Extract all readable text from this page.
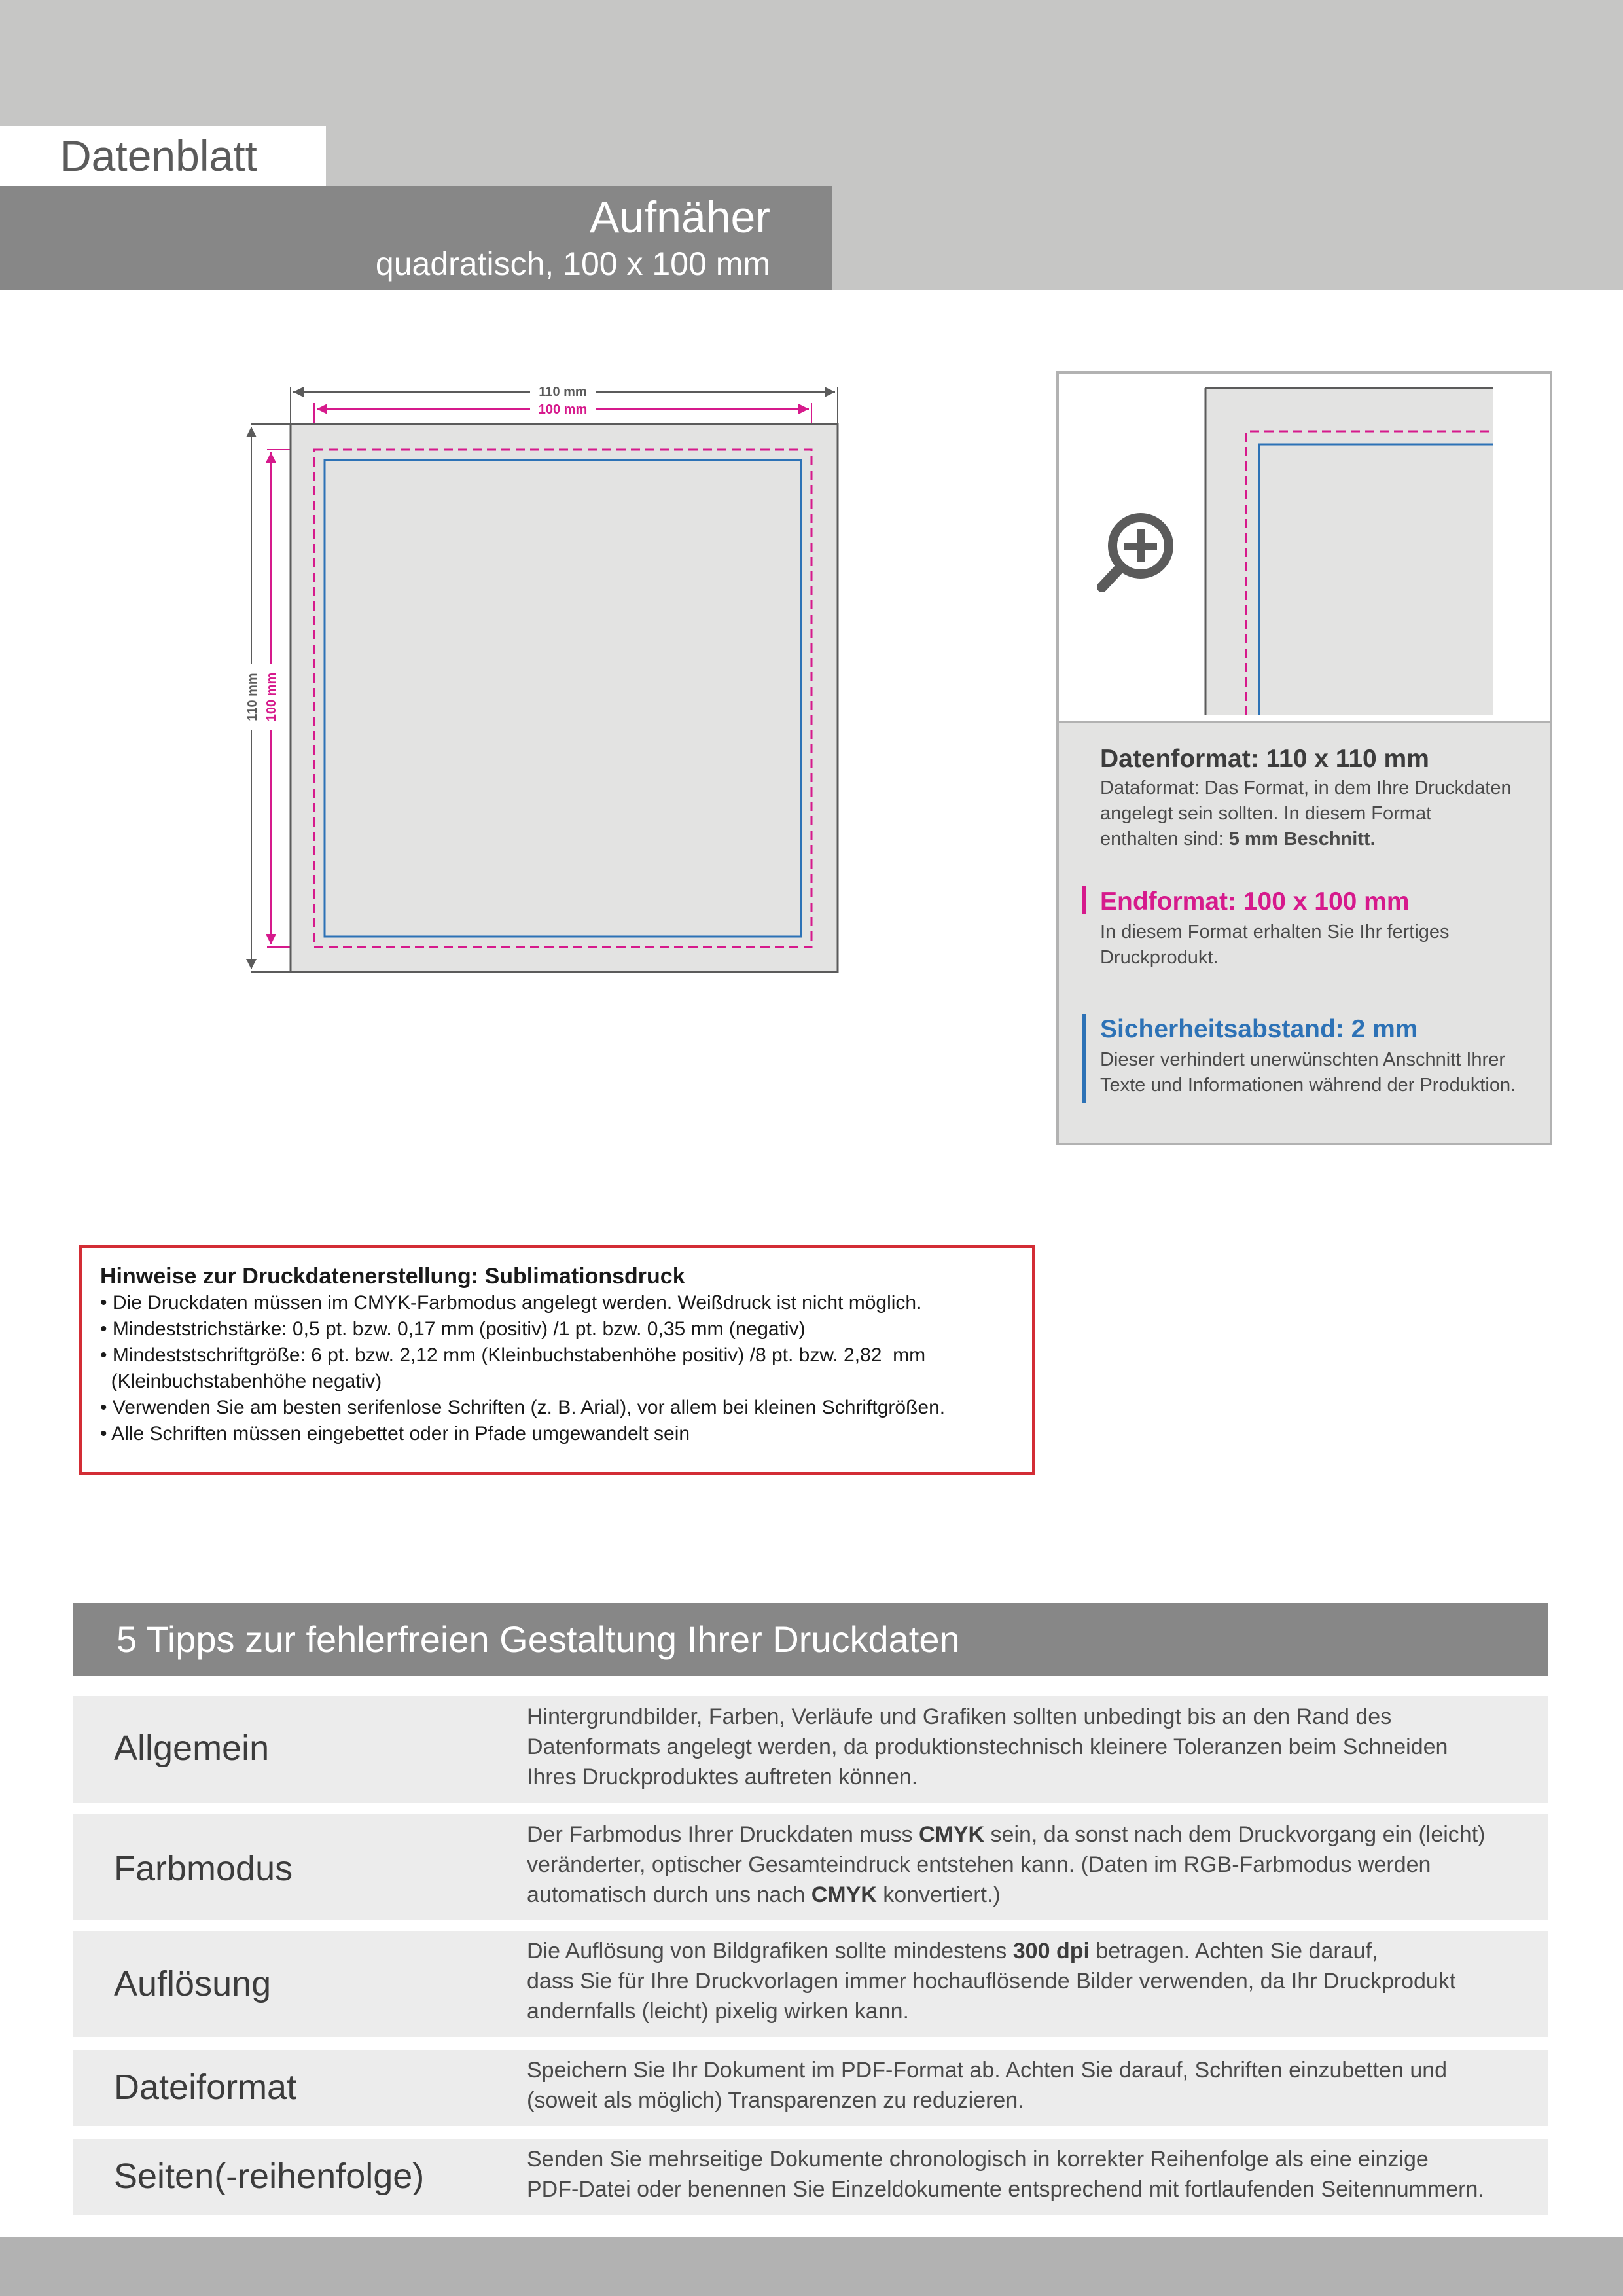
Datenblatt
Aufnäher
quadratisch, 100 x 100 mm
110 mm
100 mm
110 mm 100 mm
Datenformat: 110 x 110 mm
Dataformat: Das Format, in dem Ihre Druckdaten
angelegt sein sollten. In diesem Format
enthalten sind: 5 mm Beschnitt.
Endformat: 100 x 100 mm
In diesem Format erhalten Sie Ihr fertiges
Druckprodukt.
Sicherheitsabstand: 2 mm
Dieser verhindert unerwünschten Anschnitt Ihrer
Texte und Informationen während der Produktion.
Hinweise zur Druckdatenerstellung: Sublimationsdruck
• Die Druckdaten müssen im CMYK-Farbmodus angelegt werden. Weißdruck ist nicht möglich.
• Mindeststrichstärke: 0,5 pt. bzw. 0,17 mm (positiv) /1 pt. bzw. 0,35 mm (negativ)
• Mindeststschriftgröße: 6 pt. bzw. 2,12 mm (Kleinbuchstabenhöhe positiv) /8 pt. bzw. 2,82  mm
(Kleinbuchstabenhöhe negativ)
• Verwenden Sie am besten serifenlose Schriften (z. B. Arial), vor allem bei kleinen Schriftgrößen.
• Alle Schriften müssen eingebettet oder in Pfade umgewandelt sein
5 Tipps zur fehlerfreien Gestaltung Ihrer Druckdaten
Allgemein
Hintergrundbilder, Farben, Verläufe und Grafiken sollten unbedingt bis an den Rand des
Datenformats angelegt werden, da produktionstechnisch kleinere Toleranzen beim Schneiden
Ihres Druckproduktes auftreten können.
Farbmodus
Der Farbmodus Ihrer Druckdaten muss CMYK sein, da sonst nach dem Druckvorgang ein (leicht)
veränderter, optischer Gesamteindruck entstehen kann. (Daten im RGB-Farbmodus werden
automatisch durch uns nach CMYK konvertiert.)
Auflösung
Die Auflösung von Bildgrafiken sollte mindestens 300 dpi betragen. Achten Sie darauf,
dass Sie für Ihre Druckvorlagen immer hochauflösende Bilder verwenden, da Ihr Druckprodukt
andernfalls (leicht) pixelig wirken kann.
Dateiformat	Speichern Sie Ihr Dokument im PDF-Format ab. Achten Sie darauf, Schriften einzubetten und
(soweit als möglich) Transparenzen zu reduzieren.
Seiten(-reihenfolge)	Senden Sie mehrseitige Dokumente chronologisch in korrekter Reihenfolge als eine einzige
PDF-Datei oder benennen Sie Einzeldokumente entsprechend mit fortlaufenden Seitennummern.
